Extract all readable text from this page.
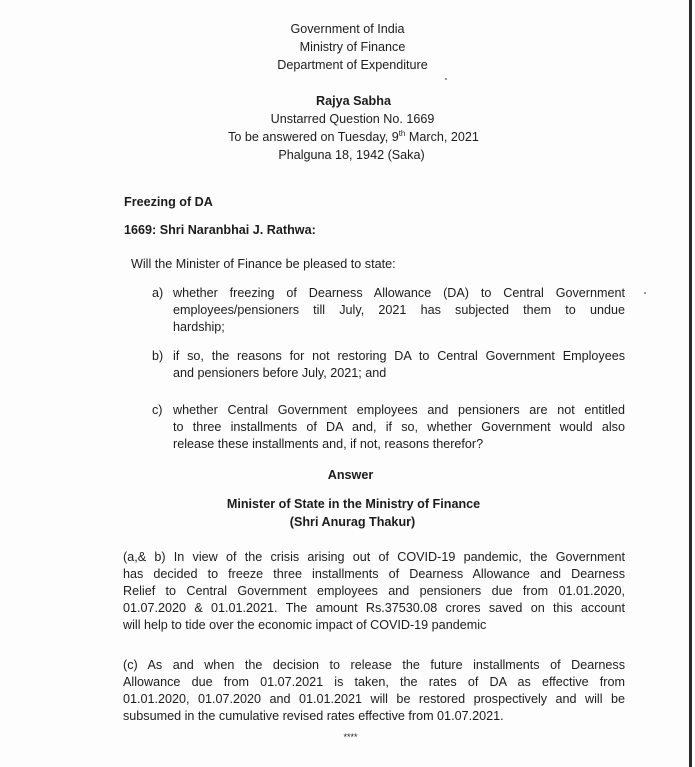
Government of India
Ministry of Finance
Department of Expenditure
Rajya Sabha
Unstarred Question No. 1669
To be answered on Tuesday, 9th March, 2021
Phalguna 18, 1942 (Saka)
Freezing of DA
1669: Shri Naranbhai J. Rathwa:
Will the Minister of Finance be pleased to state:
a) whether freezing of Dearness Allowance (DA) to Central Government
employees/pensioners till July, 2021 has subjected them to undue
hardship;
b) if so, the reasons for not restoring DA to Central Government Employees
and pensioners before July, 2021; and
c) whether Central Government employees and pensioners are not entitled
to three installments of DA and, if so, whether Government would also
release these installments and, if not, reasons therefor?
Answer
Minister of State in the Ministry of Finance
(Shri Anurag Thakur)
(a,& b) In view of the crisis arising out of COVID-19 pandemic, the Government
has decided to freeze three installments of Dearness Allowance and Dearness
Relief to Central Government employees and pensioners due from 01.01.2020,
01.07.2020 & 01.01.2021. The amount Rs.37530.08 crores saved on this account
will help to tide over the economic impact of COVID-19 pandemic
(c) As and when the decision to release the future installments of Dearness
Allowance due from 01.07.2021 is taken, the rates of DA as effective from
01.01.2020, 01.07.2020 and 01.01.2021 will be restored prospectively and will be
subsumed in the cumulative revised rates effective from 01.07.2021.
****
